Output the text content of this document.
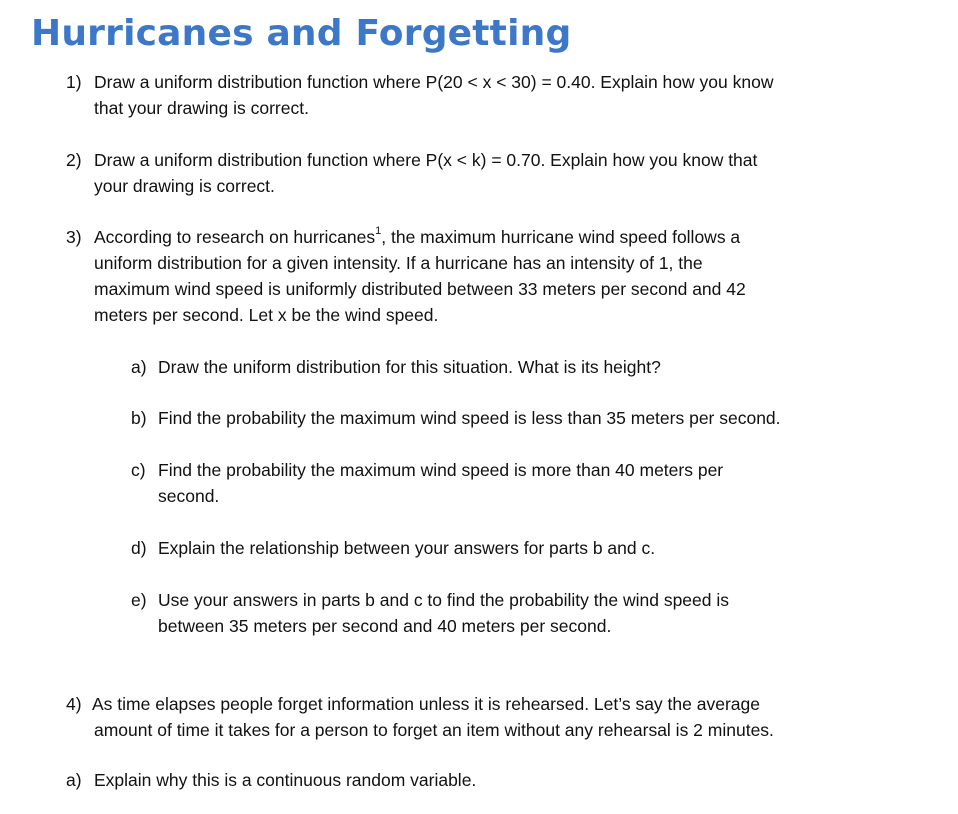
Hurricanes and Forgetting
1) Draw a uniform distribution function where P(20 < x < 30) = 0.40. Explain how you know
that your drawing is correct.
2) Draw a uniform distribution function where P(x < k) = 0.70. Explain how you know that
your drawing is correct.
3) According to research on hurricanes$^1$, the maximum hurricane wind speed follows a
uniform distribution for a given intensity. If a hurricane has an intensity of 1, the
maximum wind speed is uniformly distributed between 33 meters per second and 42
meters per second. Let x be the wind speed.
a) Draw the uniform distribution for this situation. What is its height?
b) Find the probability the maximum wind speed is less than 35 meters per second.
c) Find the probability the maximum wind speed is more than 40 meters per
second.
d) Explain the relationship between your answers for parts b and c.
e) Use your answers in parts b and c to find the probability the wind speed is
between 35 meters per second and 40 meters per second.
4) As time elapses people forget information unless it is rehearsed. Let’s say the average
amount of time it takes for a person to forget an item without any rehearsal is 2 minutes.
a) Explain why this is a continuous random variable.
